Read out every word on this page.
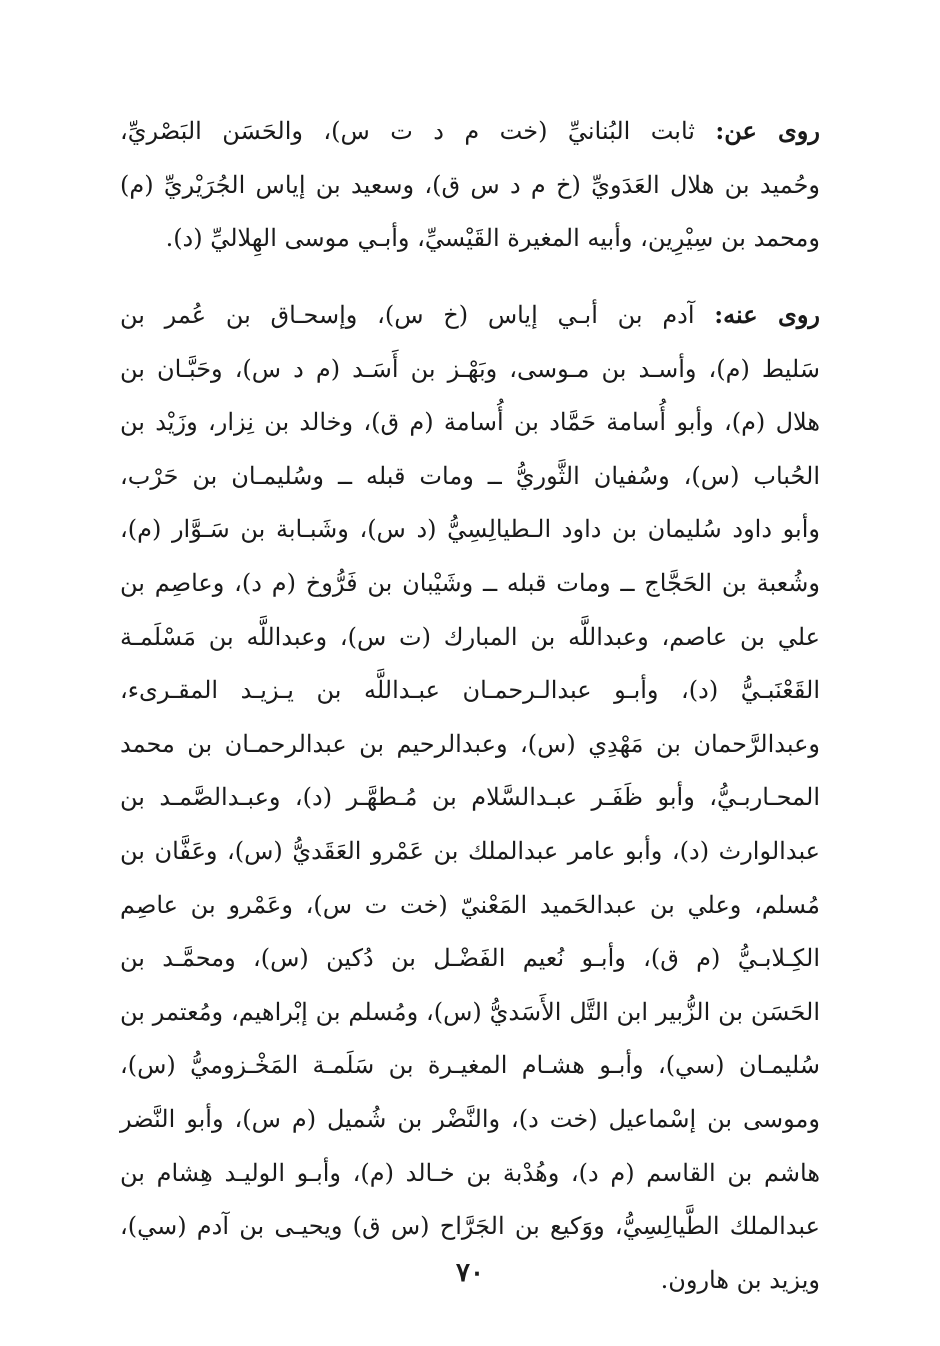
روى عن: ثابت البُنانيِّ (خت م د ت س)، والحَسَن البَصْريِّ،
وحُميد بن هلال العَدَويِّ (خ م د س ق)، وسعيد بن إياس الجُرَيْريِّ (م)
ومحمد بن سِيْرِين، وأبيه المغيرة القَيْسيِّ، وأبـي موسى الهِلاليِّ (د).
روى عنه: آدم بن أبـي إياس (خ س)، وإسحـاق بن عُمر بن
سَليط (م)، وأسـد بن مـوسى، وبَهْـز بن أَسَـد (م د س)، وحَبَّـان بن
هلال (م)، وأبو أُسامة حَمَّاد بن أُسامة (م ق)، وخالد بن نِزار، وزَيْد بن
الحُباب (س)، وسُفيان الثَّوريُّ ــ ومات قبله ــ وسُليمـان بن حَرْب،
وأبو داود سُليمان بن داود الـطيالِسِيُّ (د س)، وشَبـابة بن سَـوَّار (م)،
وشُعبة بن الحَجَّاج ــ ومات قبله ــ وشَيْبان بن فَرُّوخ (م د)، وعاصِم بن
علي بن عاصم، وعبداللَّه بن المبارك (ت س)، وعبداللَّه بن مَسْلَمـة
القَعْنَبـيُّ (د)، وأبـو عبدالـرحمـان عبـداللَّه بن يـزيـد المقـرىء،
وعبدالرَّحمان بن مَهْدِي (س)، وعبدالرحيم بن عبدالرحمـان بن محمد
المحـاربـيُّ، وأبو ظَفَـر عبـدالسَّلام بن مُـطهَّـر (د)، وعبـدالصَّمـد بن
عبدالوارث (د)، وأبو عامر عبدالملك بن عَمْرو العَقَديُّ (س)، وعَفَّان بن
مُسلم، وعلي بن عبدالحَميد المَعْنيّ (خت ت س)، وعَمْرو بن عاصِم
الكِـلابـيُّ (م ق)، وأبـو نُعيم الفَضْـل بن دُكين (س)، ومحمَّـد بن
الحَسَن بن الزُّبير ابن التَّل الأَسَديُّ (س)، ومُسلم بن إبْراهيم، ومُعتمر بن
سُليمـان (سي)، وأبـو هشـام المغيـرة بن سَلَمـة المَخْـزوميُّ (س)،
وموسى بن إسْماعيل (خت د)، والنَّضْر بن شُميل (م س)، وأبو النَّضر
هاشم بن القاسم (م د)، وهُدْبة بن خـالد (م)، وأبـو الوليـد هِشام بن
عبدالملك الطَّيالِسِيُّ، ووَكيع بن الجَرَّاح (س ق) ويحيـى بن آدم (سي)،
ويزيد بن هارون.
٧٠
